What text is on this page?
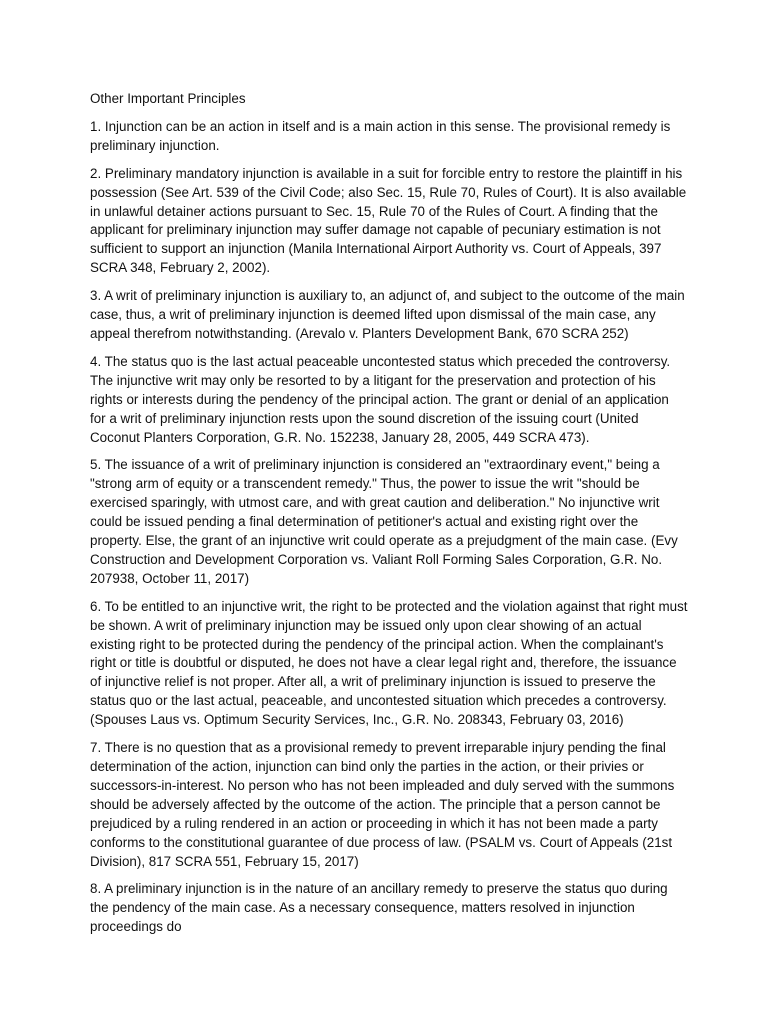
Other Important Principles

1. Injunction can be an action in itself and is a main action in this sense. The provisional remedy is preliminary injunction.

2. Preliminary mandatory injunction is available in a suit for forcible entry to restore the plaintiff in his possession (See Art. 539 of the Civil Code; also Sec. 15, Rule 70, Rules of Court). It is also available in unlawful detainer actions pursuant to Sec. 15, Rule 70 of the Rules of Court. A finding that the applicant for preliminary injunction may suffer damage not capable of pecuniary estimation is not sufficient to support an injunction (Manila International Airport Authority vs. Court of Appeals, 397 SCRA 348, February 2, 2002).

3. A writ of preliminary injunction is auxiliary to, an adjunct of, and subject to the outcome of the main case, thus, a writ of preliminary injunction is deemed lifted upon dismissal of the main case, any appeal therefrom notwithstanding. (Arevalo v. Planters Development Bank, 670 SCRA 252)

4. The status quo is the last actual peaceable uncontested status which preceded the controversy. The injunctive writ may only be resorted to by a litigant for the preservation and protection of his rights or interests during the pendency of the principal action. The grant or denial of an application for a writ of preliminary injunction rests upon the sound discretion of the issuing court (United Coconut Planters Corporation, G.R. No. 152238, January 28, 2005, 449 SCRA 473).

5. The issuance of a writ of preliminary injunction is considered an "extraordinary event," being a "strong arm of equity or a transcendent remedy." Thus, the power to issue the writ "should be exercised sparingly, with utmost care, and with great caution and deliberation." No injunctive writ could be issued pending a final determination of petitioner's actual and existing right over the property. Else, the grant of an injunctive writ could operate as a prejudgment of the main case. (Evy Construction and Development Corporation vs. Valiant Roll Forming Sales Corporation, G.R. No. 207938, October 11, 2017)

6. To be entitled to an injunctive writ, the right to be protected and the violation against that right must be shown. A writ of preliminary injunction may be issued only upon clear showing of an actual existing right to be protected during the pendency of the principal action. When the complainant's right or title is doubtful or disputed, he does not have a clear legal right and, therefore, the issuance of injunctive relief is not proper. After all, a writ of preliminary injunction is issued to preserve the status quo or the last actual, peaceable, and uncontested situation which precedes a controversy. (Spouses Laus vs. Optimum Security Services, Inc., G.R. No. 208343, February 03, 2016)

7. There is no question that as a provisional remedy to prevent irreparable injury pending the final determination of the action, injunction can bind only the parties in the action, or their privies or successors-in-interest. No person who has not been impleaded and duly served with the summons should be adversely affected by the outcome of the action. The principle that a person cannot be prejudiced by a ruling rendered in an action or proceeding in which it has not been made a party conforms to the constitutional guarantee of due process of law. (PSALM vs. Court of Appeals (21st Division), 817 SCRA 551, February 15, 2017)

8. A preliminary injunction is in the nature of an ancillary remedy to preserve the status quo during the pendency of the main case. As a necessary consequence, matters resolved in injunction proceedings do
